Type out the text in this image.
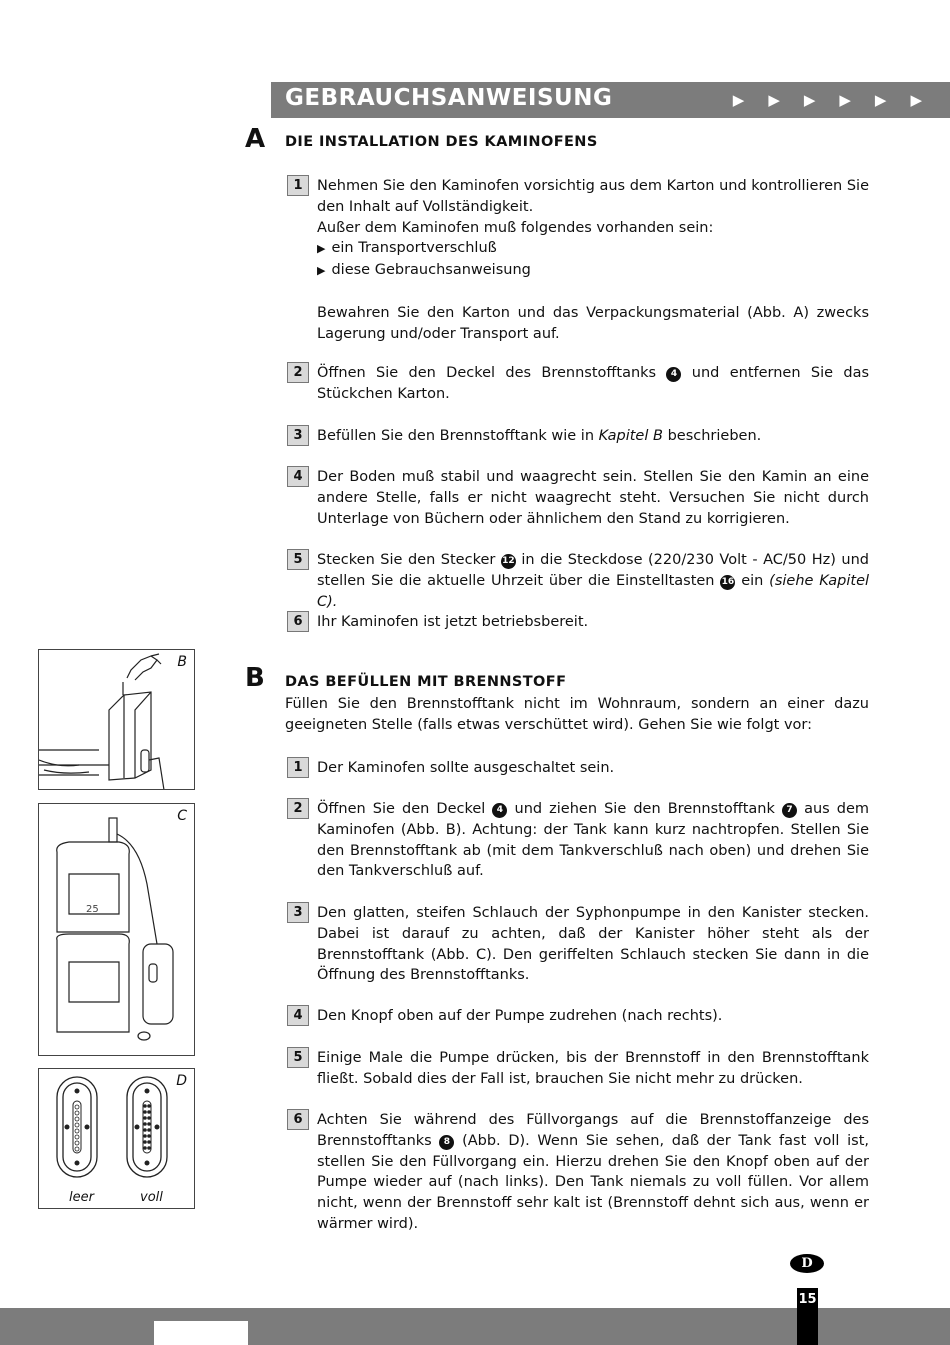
GEBRAUCHSANWEISUNG	▶▶▶▶▶▶
A DIE INSTALLATION DES KAMINOFENS
1 Nehmen Sie den Kaminofen vorsichtig aus dem Karton und kontrollieren Sie den Inhalt auf Vollständigkeit.
Außer dem Kaminofen muß folgendes vorhanden sein:
▶ ein Transportverschluß
▶ diese Gebrauchsanweisung
Bewahren Sie den Karton und das Verpackungsmaterial (Abb. A) zwecks Lagerung und/oder Transport auf.
2 Öffnen Sie den Deckel des Brennstofftanks 4 und entfernen Sie das Stückchen Karton.
3 Befüllen Sie den Brennstofftank wie in Kapitel B beschrieben.
4 Der Boden muß stabil und waagrecht sein. Stellen Sie den Kamin an eine andere Stelle, falls er nicht waagrecht steht. Versuchen Sie nicht durch Unterlage von Büchern oder ähnlichem den Stand zu korrigieren.
5 Stecken Sie den Stecker 12 in die Steckdose (220/230 Volt - AC/50 Hz) und stellen Sie die aktuelle Uhrzeit über die Einstelltasten 16 ein (siehe Kapitel C).
6 Ihr Kaminofen ist jetzt betriebsbereit.
B DAS BEFÜLLEN MIT BRENNSTOFF
Füllen Sie den Brennstofftank nicht im Wohnraum, sondern an einer dazu geeigneten Stelle (falls etwas verschüttet wird). Gehen Sie wie folgt vor:
1 Der Kaminofen sollte ausgeschaltet sein.
2 Öffnen Sie den Deckel 4 und ziehen Sie den Brennstofftank 7 aus dem Kaminofen (Abb. B). Achtung: der Tank kann kurz nachtropfen. Stellen Sie den Brennstofftank ab (mit dem Tankverschluß nach oben) und drehen Sie den Tankverschluß auf.
3 Den glatten, steifen Schlauch der Syphonpumpe in den Kanister stecken. Dabei ist darauf zu achten, daß der Kanister höher steht als der Brennstofftank (Abb. C). Den geriffelten Schlauch stecken Sie dann in die Öffnung des Brennstofftanks.
4 Den Knopf oben auf der Pumpe zudrehen (nach rechts).
5 Einige Male die Pumpe drücken, bis der Brennstoff in den Brennstofftank fließt. Sobald dies der Fall ist, brauchen Sie nicht mehr zu drücken.
6 Achten Sie während des Füllvorgangs auf die Brennstoffanzeige des Brennstofftanks 8 (Abb. D). Wenn Sie sehen, daß der Tank fast voll ist, stellen Sie den Füllvorgang ein. Hierzu drehen Sie den Knopf oben auf der Pumpe wieder auf (nach links). Den Tank niemals zu voll füllen. Vor allem nicht, wenn der Brennstoff sehr kalt ist (Brennstoff dehnt sich aus, wenn er wärmer wird).
B
C
25
D
leer	voll
D
15
